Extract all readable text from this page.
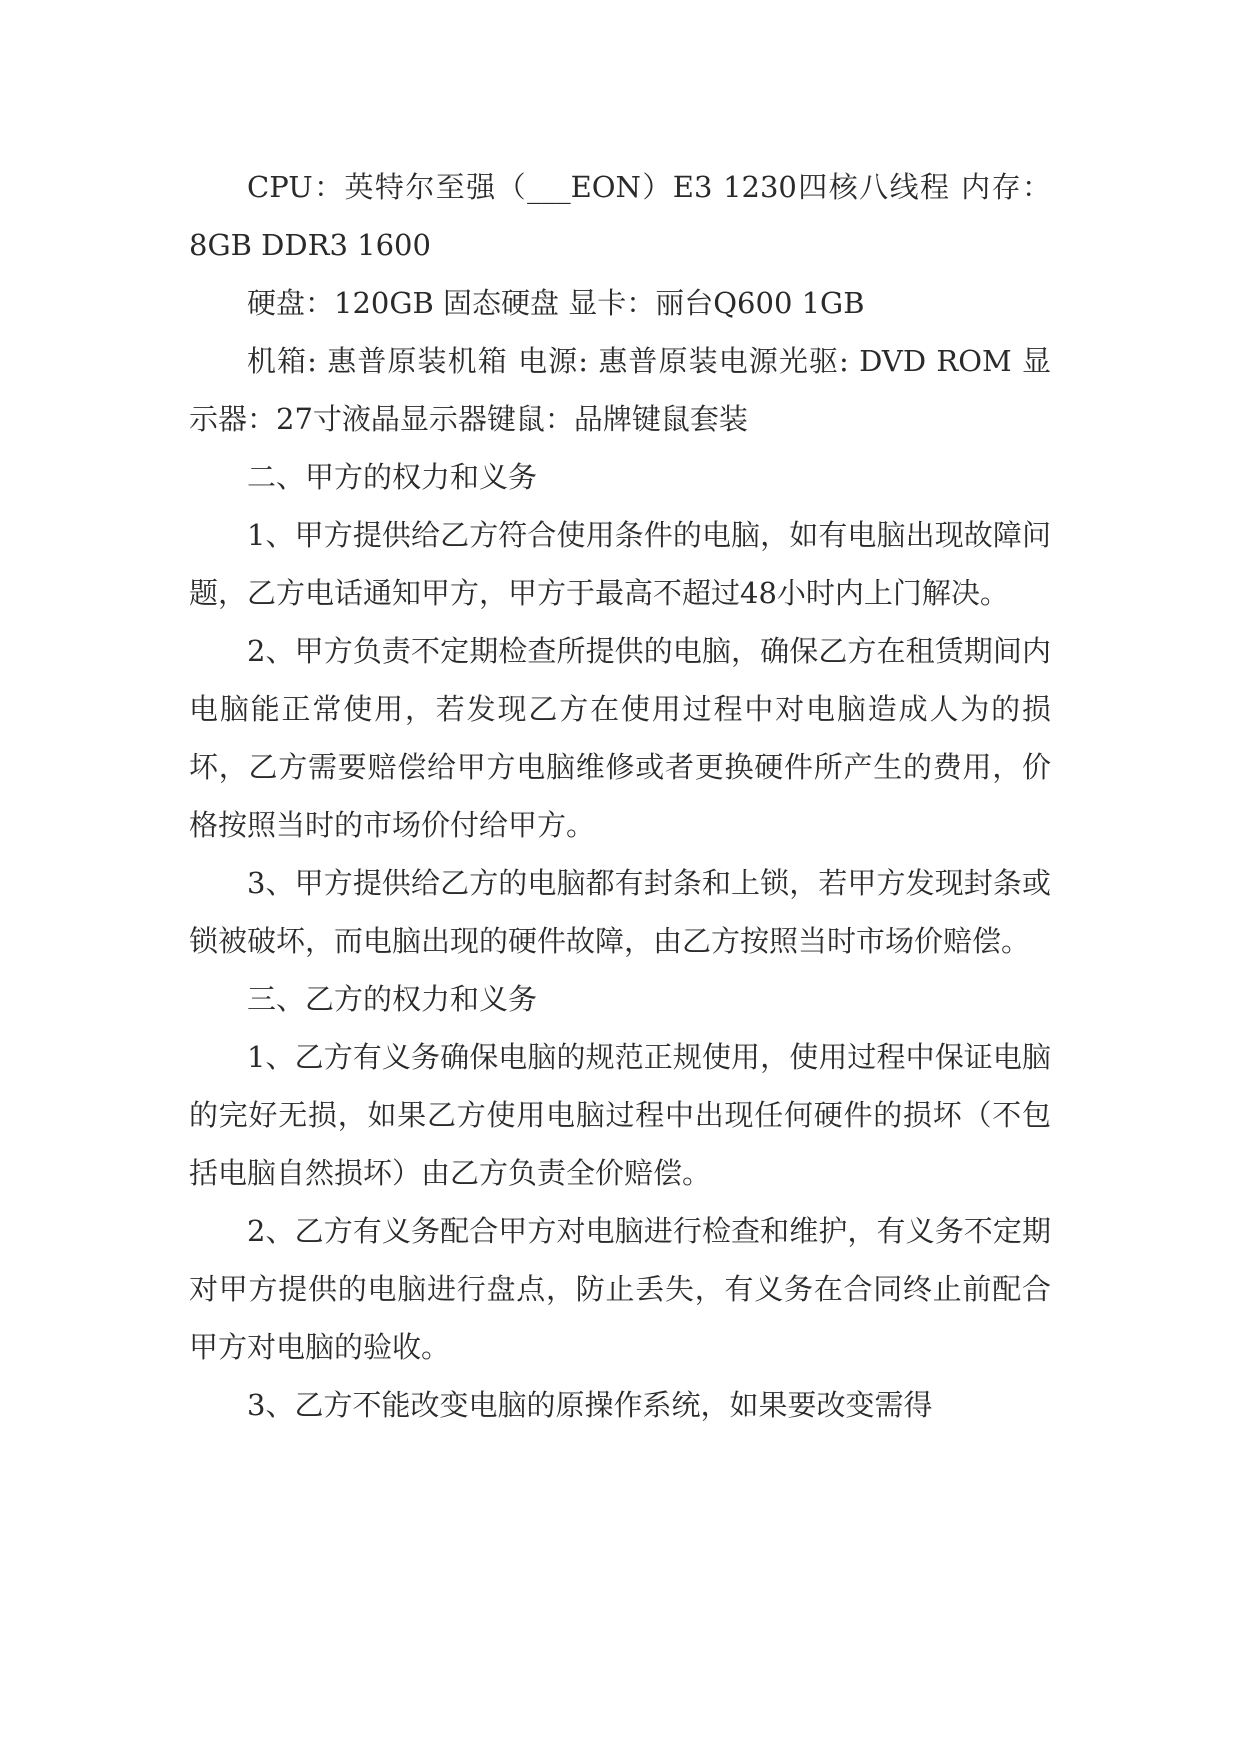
CPU：英特尔至强（___EON）E3 1230四核八线程 内存：8GB DDR3 1600

硬盘：120GB 固态硬盘 显卡：丽台Q600 1GB

机箱: 惠普原装机箱 电源: 惠普原装电源光驱: DVD ROM 显示器：27寸液晶显示器键鼠：品牌键鼠套装

二、甲方的权力和义务

1、甲方提供给乙方符合使用条件的电脑，如有电脑出现故障问题，乙方电话通知甲方，甲方于最高不超过48小时内上门解决。

2、甲方负责不定期检查所提供的电脑，确保乙方在租赁期间内电脑能正常使用，若发现乙方在使用过程中对电脑造成人为的损坏，乙方需要赔偿给甲方电脑维修或者更换硬件所产生的费用，价格按照当时的市场价付给甲方。

3、甲方提供给乙方的电脑都有封条和上锁，若甲方发现封条或锁被破坏，而电脑出现的硬件故障，由乙方按照当时市场价赔偿。

三、乙方的权力和义务

1、乙方有义务确保电脑的规范正规使用，使用过程中保证电脑的完好无损，如果乙方使用电脑过程中出现任何硬件的损坏（不包括电脑自然损坏）由乙方负责全价赔偿。

2、乙方有义务配合甲方对电脑进行检查和维护，有义务不定期对甲方提供的电脑进行盘点，防止丢失，有义务在合同终止前配合甲方对电脑的验收。

3、乙方不能改变电脑的原操作系统，如果要改变需得
